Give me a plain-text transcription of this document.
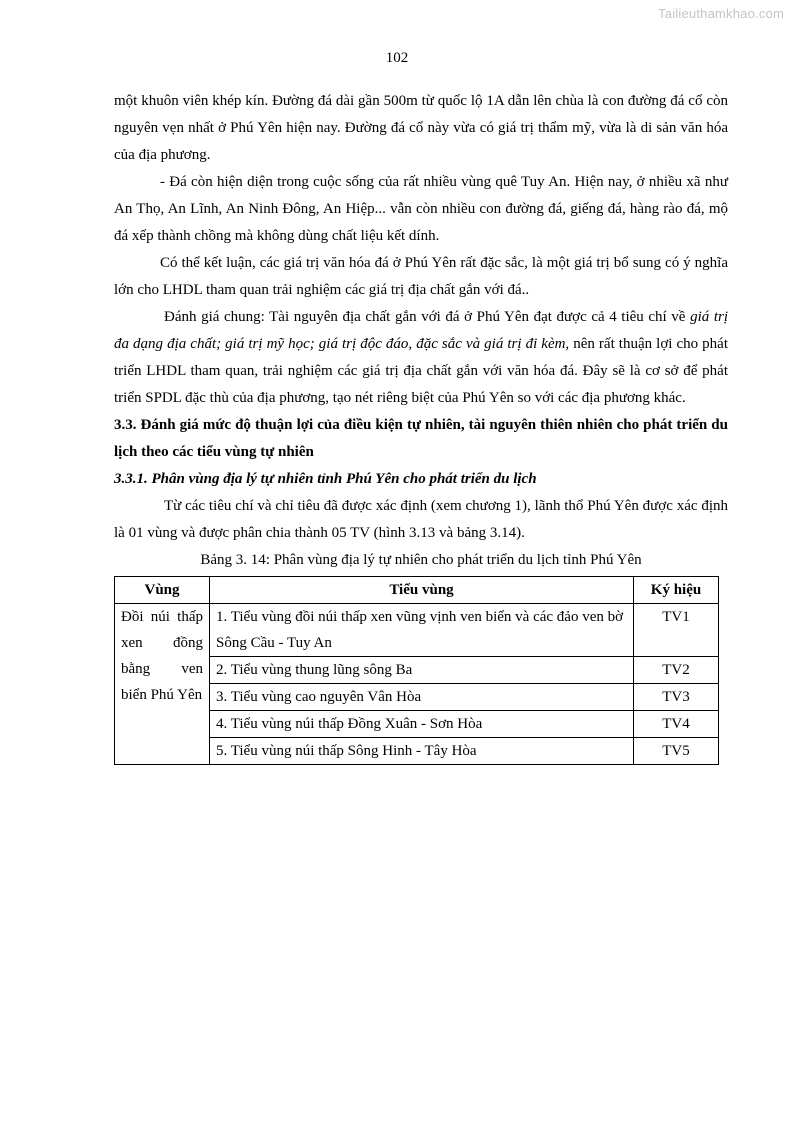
Tailieuthamkhao.com
102

một khuôn viên khép kín. Đường đá dài gần 500m từ quốc lộ 1A dẫn lên chùa là con đường đá cổ còn nguyên vẹn nhất ở Phú Yên hiện nay. Đường đá cổ này vừa có giá trị thẩm mỹ, vừa là di sản văn hóa của địa phương.

- Đá còn hiện diện trong cuộc sống của rất nhiều vùng quê Tuy An. Hiện nay, ở nhiều xã như An Thọ, An Lĩnh, An Ninh Đông, An Hiệp... vẫn còn nhiều con đường đá, giếng đá, hàng rào đá, mộ đá xếp thành chồng mà không dùng chất liệu kết dính.

Có thể kết luận, các giá trị văn hóa đá ở Phú Yên rất đặc sắc, là một giá trị bổ sung có ý nghĩa lớn cho LHDL tham quan trải nghiệm các giá trị địa chất gắn với đá..

Đánh giá chung: Tài nguyên địa chất gắn với đá ở Phú Yên đạt được cả 4 tiêu chí về giá trị đa dạng địa chất; giá trị mỹ học; giá trị độc đáo, đặc sắc và giá trị đi kèm, nên rất thuận lợi cho phát triển LHDL tham quan, trải nghiệm các giá trị địa chất gắn với văn hóa đá. Đây sẽ là cơ sở để phát triển SPDL đặc thù của địa phương, tạo nét riêng biệt của Phú Yên so với các địa phương khác.

3.3. Đánh giá mức độ thuận lợi của điều kiện tự nhiên, tài nguyên thiên nhiên cho phát triển du lịch theo các tiểu vùng tự nhiên

3.3.1. Phân vùng địa lý tự nhiên tỉnh Phú Yên cho phát triển du lịch

Từ các tiêu chí và chỉ tiêu đã được xác định (xem chương 1), lãnh thổ Phú Yên được xác định là 01 vùng và được phân chia thành 05 TV (hình 3.13 và bảng 3.14).

Bảng 3. 14: Phân vùng địa lý tự nhiên cho phát triển du lịch tỉnh Phú Yên

Vùng	Tiểu vùng	Ký hiệu

Đồi núi thấp xen đồng bằng ven biển Phú Yên	1. Tiểu vùng đồi núi thấp xen vũng vịnh ven biển và các đảo ven bờ Sông Cầu - Tuy An	TV1
	2. Tiểu vùng thung lũng sông Ba	TV2
	3. Tiểu vùng cao nguyên Vân Hòa	TV3
	4. Tiểu vùng núi thấp Đồng Xuân - Sơn Hòa	TV4
	5. Tiểu vùng núi thấp Sông Hinh - Tây Hòa	TV5
